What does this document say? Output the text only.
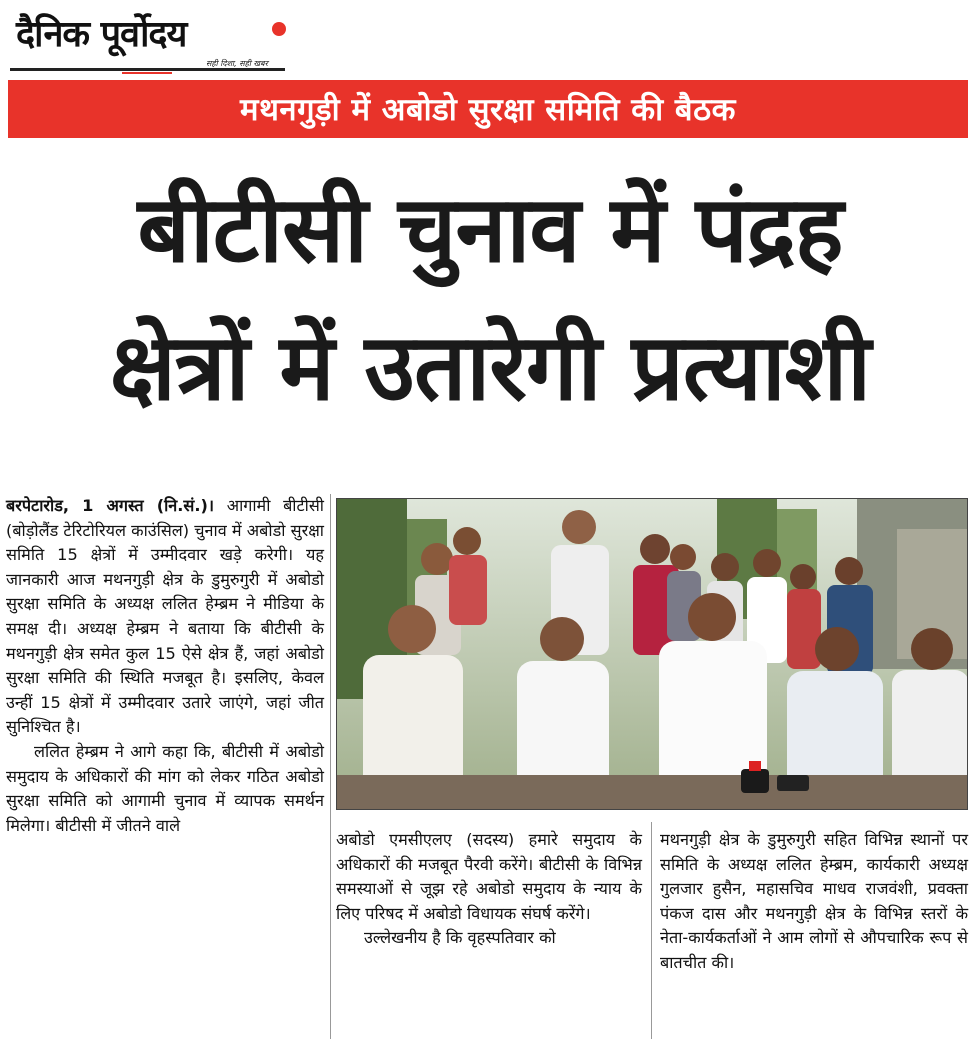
दैनिक पूर्वोदय
सही दिशा, सही खबर
मथनगुड़ी में अबोडो सुरक्षा समिति की बैठक
बीटीसी चुनाव में पंद्रह
क्षेत्रों में उतारेगी प्रत्याशी

बरपेटारोड, 1 अगस्त (नि.सं.)। आगामी बीटीसी (बोड़ोलैंड टेरिटोरियल काउंसिल) चुनाव में अबोडो सुरक्षा समिति 15 क्षेत्रों में उम्मीदवार खड़े करेगी। यह जानकारी आज मथनगुड़ी क्षेत्र के डुमुरुगुरी में अबोडो सुरक्षा समिति के अध्यक्ष ललित हेम्ब्रम ने मीडिया के समक्ष दी। अध्यक्ष हेम्ब्रम ने बताया कि बीटीसी के मथनगुड़ी क्षेत्र समेत कुल 15 ऐसे क्षेत्र हैं, जहां अबोडो सुरक्षा समिति की स्थिति मजबूत है। इसलिए, केवल उन्हीं 15 क्षेत्रों में उम्मीदवार उतारे जाएंगे, जहां जीत सुनिश्चित है।

ललित हेम्ब्रम ने आगे कहा कि, बीटीसी में अबोडो समुदाय के अधिकारों की मांग को लेकर गठित अबोडो सुरक्षा समिति को आगामी चुनाव में व्यापक समर्थन मिलेगा। बीटीसी में जीतने वाले

अबोडो एमसीएलए (सदस्य) हमारे समुदाय के अधिकारों की मजबूत पैरवी करेंगे। बीटीसी के विभिन्न समस्याओं से जूझ रहे अबोडो समुदाय के न्याय के लिए परिषद में अबोडो विधायक संघर्ष करेंगे।

उल्लेखनीय है कि वृहस्पतिवार को

मथनगुड़ी क्षेत्र के डुमुरुगुरी सहित विभिन्न स्थानों पर समिति के अध्यक्ष ललित हेम्ब्रम, कार्यकारी अध्यक्ष गुलजार हुसैन, महासचिव माधव राजवंशी, प्रवक्ता पंकज दास और मथनगुड़ी क्षेत्र के विभिन्न स्तरों के नेता-कार्यकर्ताओं ने आम लोगों से औपचारिक रूप से बातचीत की।
